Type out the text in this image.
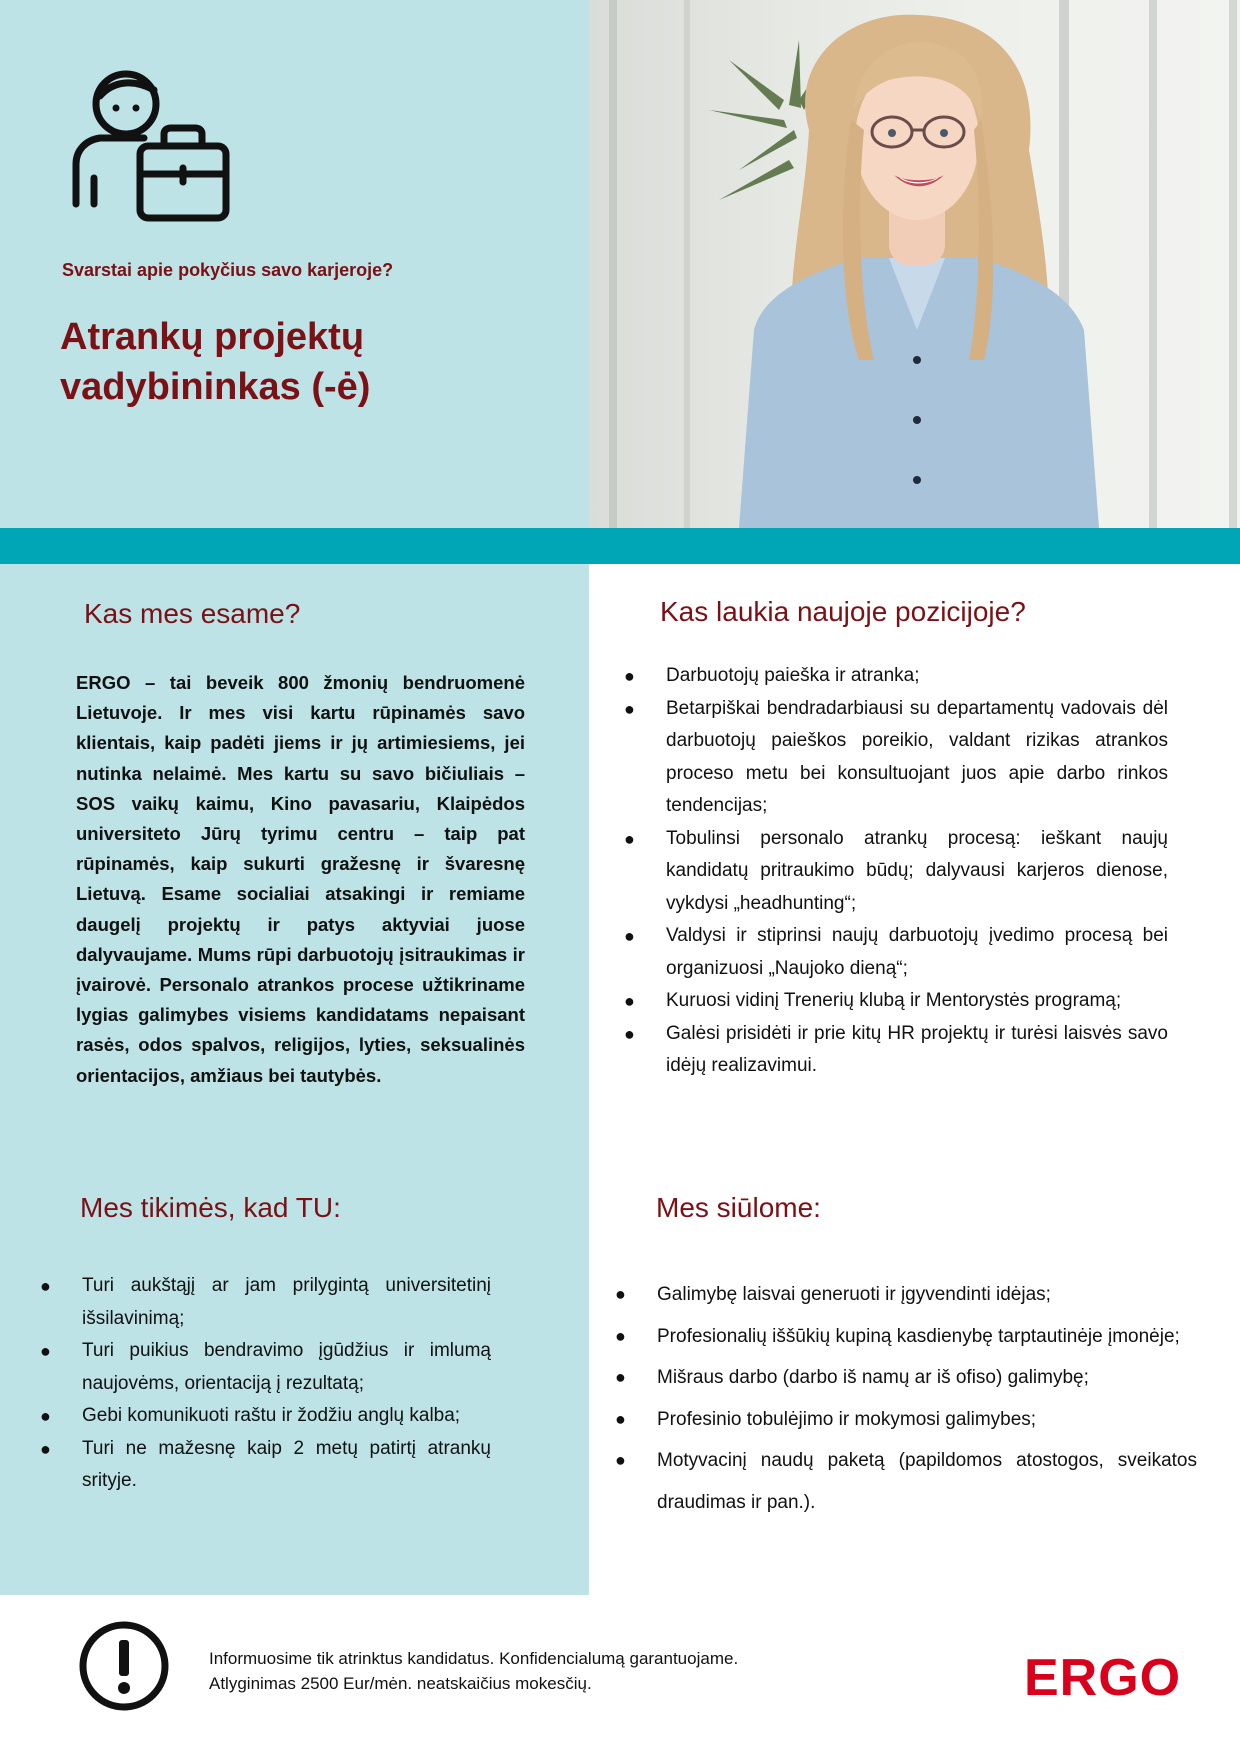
Svarstai apie pokyčius savo karjeroje?
Atrankų projektų
vadybininkas (-ė)
Kas mes esame?
ERGO – tai beveik 800 žmonių bendruomenė Lietuvoje. Ir mes visi kartu rūpinamės savo klientais, kaip padėti jiems ir jų artimiesiems, jei nutinka nelaimė. Mes kartu su savo bičiuliais – SOS vaikų kaimu, Kino pavasariu, Klaipėdos universiteto Jūrų tyrimu centru – taip pat rūpinamės, kaip sukurti gražesnę ir švaresnę Lietuvą. Esame socialiai atsakingi ir remiame daugelį projektų ir patys aktyviai juose dalyvaujame. Mums rūpi darbuotojų įsitraukimas ir įvairovė. Personalo atrankos procese užtikriname lygias galimybes visiems kandidatams nepaisant rasės, odos spalvos, religijos, lyties, seksualinės orientacijos, amžiaus bei tautybės.
Kas laukia naujoje pozicijoje?
● Darbuotojų paieška ir atranka;
● Betarpiškai bendradarbiausi su departamentų vadovais dėl darbuotojų paieškos poreikio, valdant rizikas atrankos proceso metu bei konsultuojant juos apie darbo rinkos tendencijas;
● Tobulinsi personalo atrankų procesą: ieškant naujų kandidatų pritraukimo būdų; dalyvausi karjeros dienose, vykdysi „headhunting“;
● Valdysi ir stiprinsi naujų darbuotojų įvedimo procesą bei organizuosi „Naujoko dieną“;
● Kuruosi vidinį Trenerių klubą ir Mentorystės programą;
● Galėsi prisidėti ir prie kitų HR projektų ir turėsi laisvės savo idėjų realizavimui.
Mes tikimės, kad TU:
● Turi aukštąjį ar jam prilygintą universitetinį išsilavinimą;
● Turi puikius bendravimo įgūdžius ir imlumą naujovėms, orientaciją į rezultatą;
● Gebi komunikuoti raštu ir žodžiu anglų kalba;
● Turi ne mažesnę kaip 2 metų patirtį atrankų srityje.
Mes siūlome:
● Galimybę laisvai generuoti ir įgyvendinti idėjas;
● Profesionalių iššūkių kupiną kasdienybę tarptautinėje įmonėje;
● Mišraus darbo (darbo iš namų ar iš ofiso) galimybę;
● Profesinio tobulėjimo ir mokymosi galimybes;
● Motyvacinį naudų paketą (papildomos atostogos, sveikatos draudimas ir pan.).
Informuosime tik atrinktus kandidatus. Konfidencialumą garantuojame.
Atlyginimas 2500 Eur/mėn. neatskaičius mokesčių.	ERGO
